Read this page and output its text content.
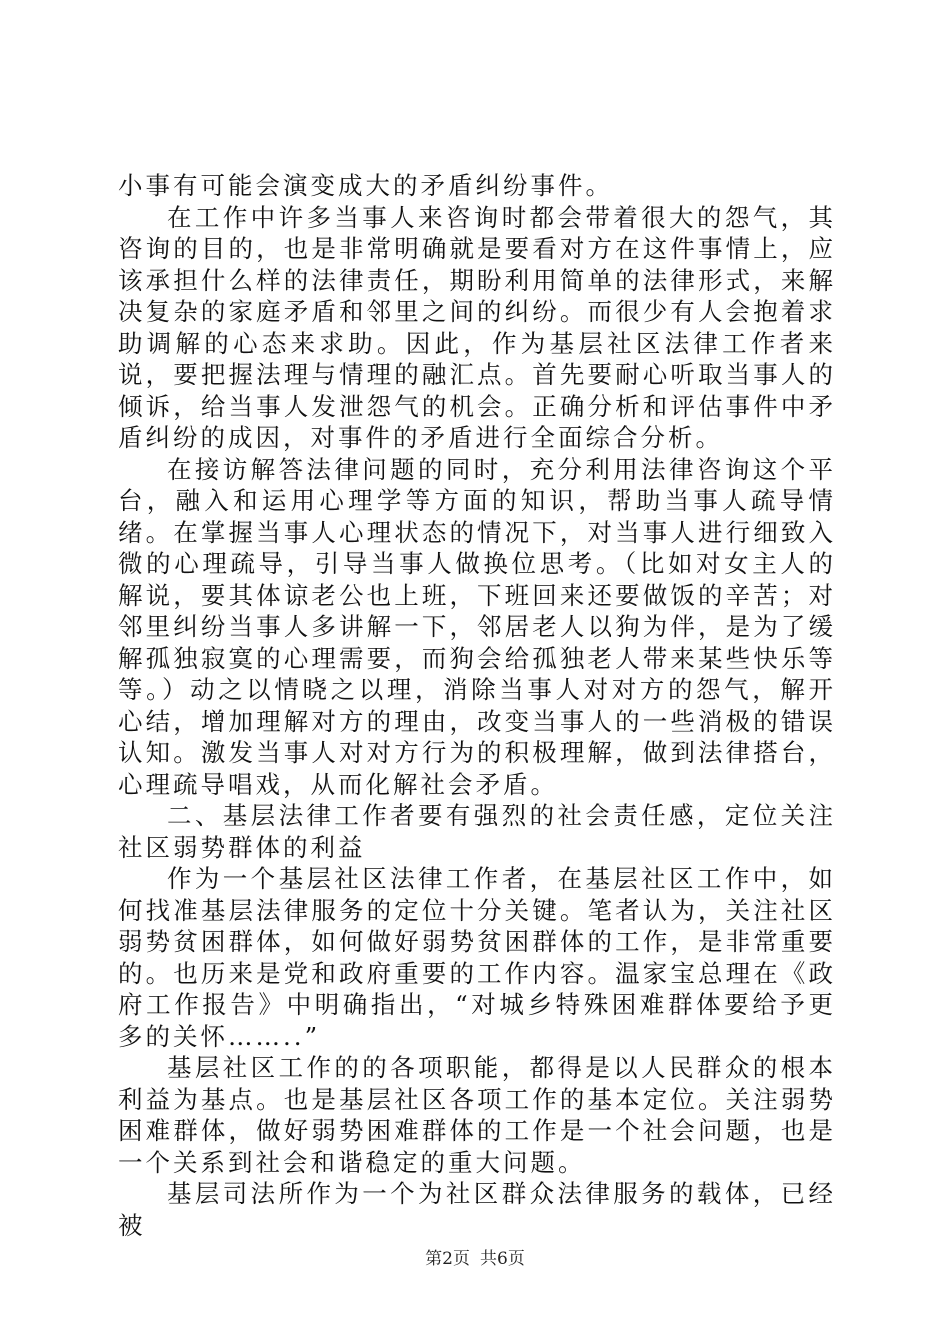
小事有可能会演变成大的矛盾纠纷事件。

在工作中许多当事人来咨询时都会带着很大的怨气，其咨询的目的，也是非常明确就是要看对方在这件事情上，应该承担什么样的法律责任，期盼利用简单的法律形式，来解决复杂的家庭矛盾和邻里之间的纠纷。而很少有人会抱着求助调解的心态来求助。因此，作为基层社区法律工作者来说，要把握法理与情理的融汇点。首先要耐心听取当事人的倾诉，给当事人发泄怨气的机会。正确分析和评估事件中矛盾纠纷的成因，对事件的矛盾进行全面综合分析。

在接访解答法律问题的同时，充分利用法律咨询这个平台，融入和运用心理学等方面的知识，帮助当事人疏导情绪。在掌握当事人心理状态的情况下，对当事人进行细致入微的心理疏导，引导当事人做换位思考。（比如对女主人的解说，要其体谅老公也上班，下班回来还要做饭的辛苦；对邻里纠纷当事人多讲解一下，邻居老人以狗为伴，是为了缓解孤独寂寞的心理需要，而狗会给孤独老人带来某些快乐等等。）动之以情晓之以理，消除当事人对对方的怨气，解开心结，增加理解对方的理由，改变当事人的一些消极的错误认知。激发当事人对对方行为的积极理解，做到法律搭台，心理疏导唱戏，从而化解社会矛盾。

二、基层法律工作者要有强烈的社会责任感，定位关注社区弱势群体的利益

作为一个基层社区法律工作者，在基层社区工作中，如何找准基层法律服务的定位十分关键。笔者认为，关注社区弱势贫困群体，如何做好弱势贫困群体的工作，是非常重要的。也历来是党和政府重要的工作内容。温家宝总理在《政府工作报告》中明确指出，“对城乡特殊困难群体要给予更多的关怀……..”

基层社区工作的的各项职能，都得是以人民群众的根本利益为基点。也是基层社区各项工作的基本定位。关注弱势困难群体，做好弱势困难群体的工作是一个社会问题，也是一个关系到社会和谐稳定的重大问题。

基层司法所作为一个为社区群众法律服务的载体，已经被

第2页 共6页
